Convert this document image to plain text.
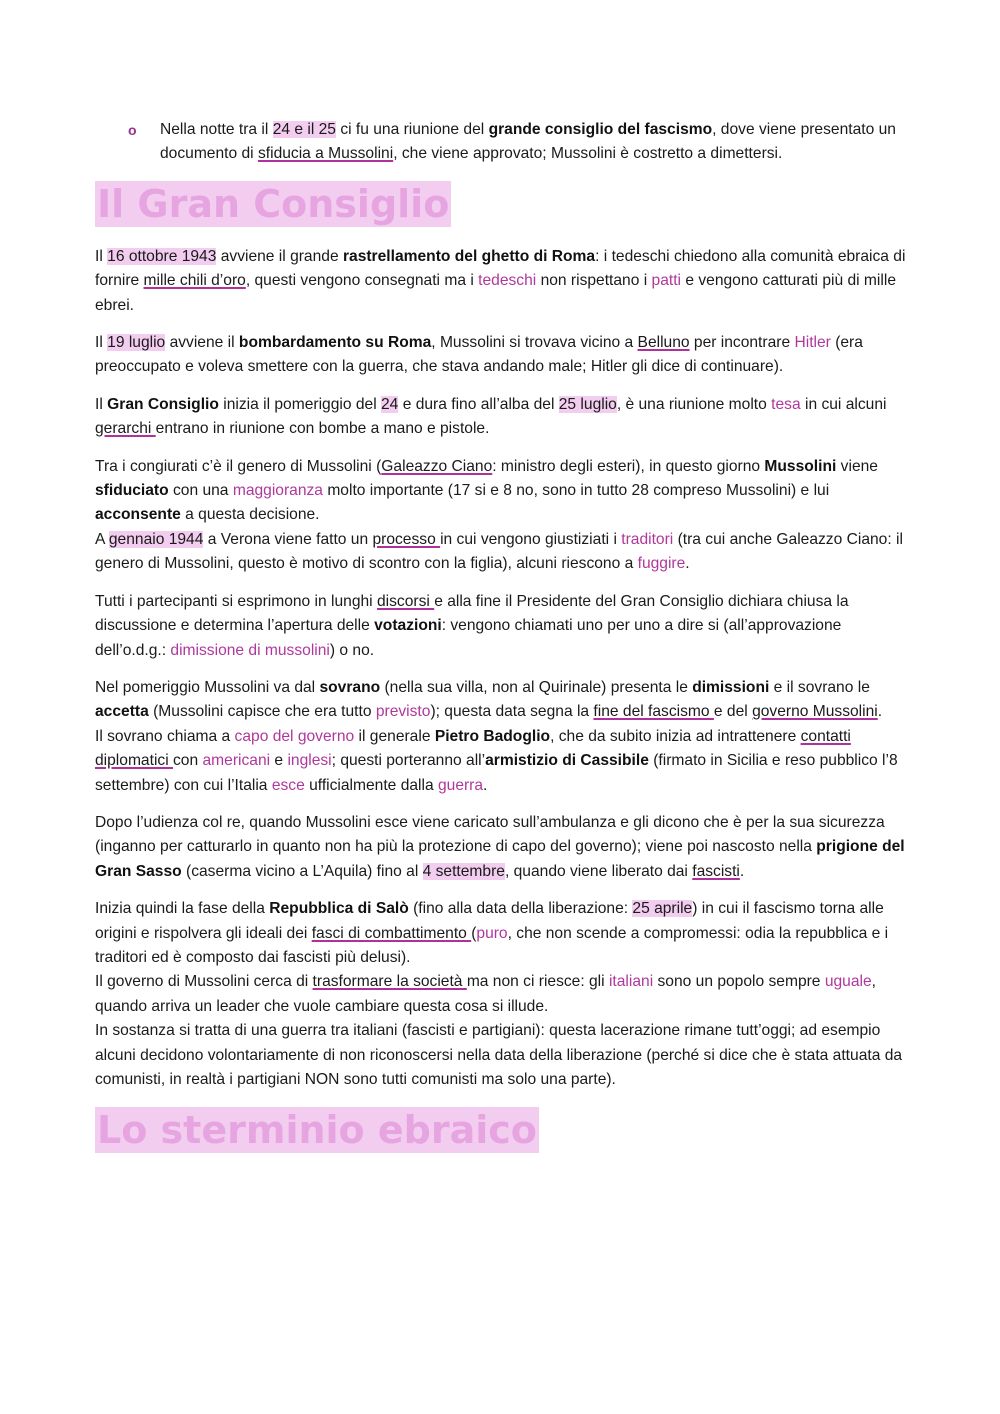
o	Nella notte tra il 24 e il 25 ci fu una riunione del grande consiglio del fascismo, dove viene presentato un documento di sfiducia a Mussolini, che viene approvato; Mussolini è costretto a dimettersi.
Il Gran Consiglio

Il 16 ottobre 1943 avviene il grande rastrellamento del ghetto di Roma: i tedeschi chiedono alla comunità ebraica di fornire mille chili d’oro, questi vengono consegnati ma i tedeschi non rispettano i patti e vengono catturati più di mille ebrei.

Il 19 luglio avviene il bombardamento su Roma, Mussolini si trovava vicino a Belluno per incontrare Hitler (era preoccupato e voleva smettere con la guerra, che stava andando male; Hitler gli dice di continuare).

Il Gran Consiglio inizia il pomeriggio del 24 e dura fino all’alba del 25 luglio, è una riunione molto tesa in cui alcuni gerarchi entrano in riunione con bombe a mano e pistole.

Tra i congiurati c’è il genero di Mussolini (Galeazzo Ciano: ministro degli esteri), in questo giorno Mussolini viene sfiduciato con una maggioranza molto importante (17 si e 8 no, sono in tutto 28 compreso Mussolini) e lui acconsente a questa decisione.
A gennaio 1944 a Verona viene fatto un processo in cui vengono giustiziati i traditori (tra cui anche Galeazzo Ciano: il genero di Mussolini, questo è motivo di scontro con la figlia), alcuni riescono a fuggire.

Tutti i partecipanti si esprimono in lunghi discorsi e alla fine il Presidente del Gran Consiglio dichiara chiusa la discussione e determina l’apertura delle votazioni: vengono chiamati uno per uno a dire si (all’approvazione dell’o.d.g.: dimissione di mussolini) o no.

Nel pomeriggio Mussolini va dal sovrano (nella sua villa, non al Quirinale) presenta le dimissioni e il sovrano le accetta (Mussolini capisce che era tutto previsto); questa data segna la fine del fascismo e del governo Mussolini.
Il sovrano chiama a capo del governo il generale Pietro Badoglio, che da subito inizia ad intrattenere contatti diplomatici con americani e inglesi; questi porteranno all’armistizio di Cassibile (firmato in Sicilia e reso pubblico l’8 settembre) con cui l’Italia esce ufficialmente dalla guerra.

Dopo l’udienza col re, quando Mussolini esce viene caricato sull’ambulanza e gli dicono che è per la sua sicurezza (inganno per catturarlo in quanto non ha più la protezione di capo del governo); viene poi nascosto nella prigione del Gran Sasso (caserma vicino a L’Aquila) fino al 4 settembre, quando viene liberato dai fascisti.

Inizia quindi la fase della Repubblica di Salò (fino alla data della liberazione: 25 aprile) in cui il fascismo torna alle origini e rispolvera gli ideali dei fasci di combattimento (puro, che non scende a compromessi: odia la repubblica e i traditori ed è composto dai fascisti più delusi).
Il governo di Mussolini cerca di trasformare la società ma non ci riesce: gli italiani sono un popolo sempre uguale, quando arriva un leader che vuole cambiare questa cosa si illude.
In sostanza si tratta di una guerra tra italiani (fascisti e partigiani): questa lacerazione rimane tutt’oggi; ad esempio alcuni decidono volontariamente di non riconoscersi nella data della liberazione (perché si dice che è stata attuata da comunisti, in realtà i partigiani NON sono tutti comunisti ma solo una parte).

Lo sterminio ebraico
